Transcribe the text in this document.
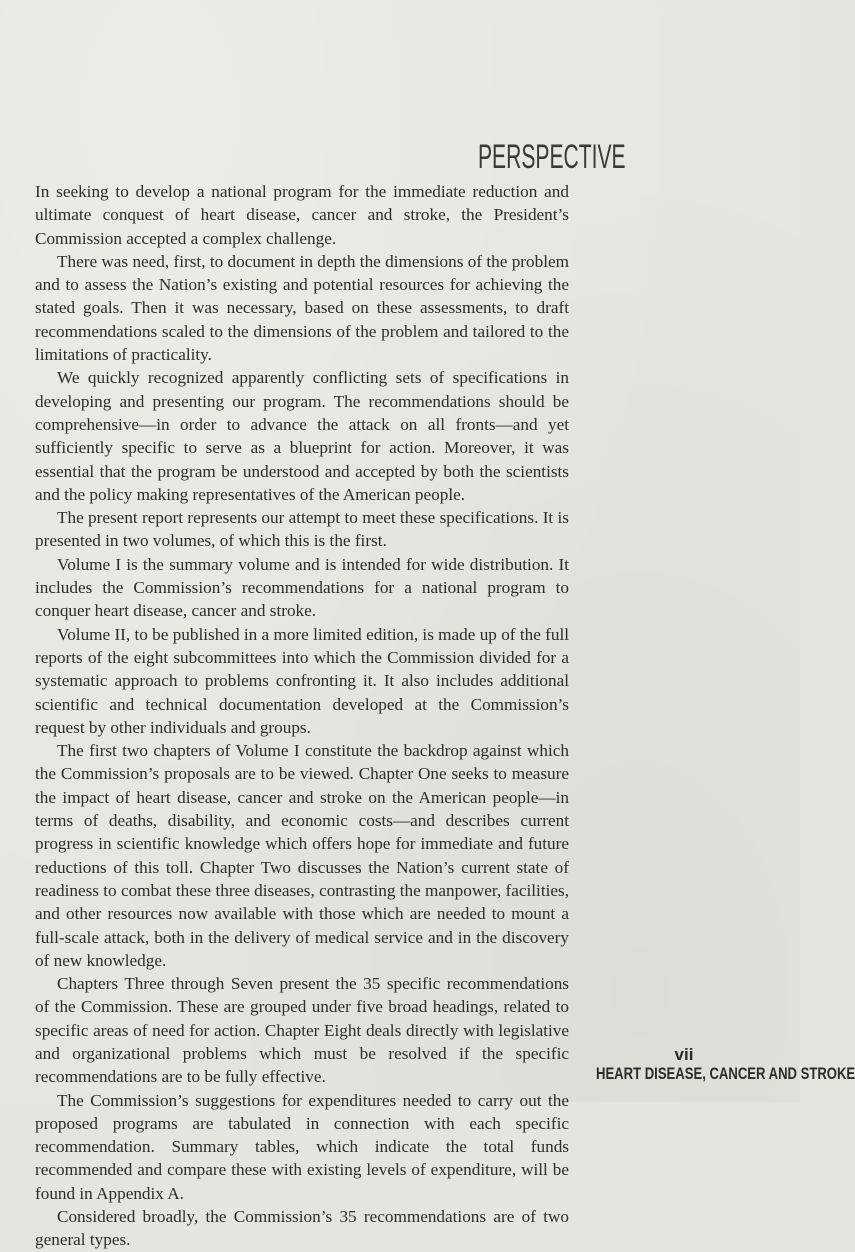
PERSPECTIVE

In seeking to develop a national program for the immediate reduction and ultimate conquest of heart disease, cancer and stroke, the President’s Commission accepted a complex challenge.

There was need, first, to document in depth the dimensions of the problem and to assess the Nation’s existing and potential resources for achieving the stated goals. Then it was necessary, based on these assessments, to draft recommendations scaled to the dimensions of the problem and tailored to the limitations of practicality.

We quickly recognized apparently conflicting sets of specifications in developing and presenting our program. The recommendations should be comprehensive—in order to advance the attack on all fronts—and yet sufficiently specific to serve as a blueprint for action. Moreover, it was essential that the program be understood and accepted by both the scientists and the policy making representatives of the American people.

The present report represents our attempt to meet these specifications. It is presented in two volumes, of which this is the first.

Volume I is the summary volume and is intended for wide distribution. It includes the Commission’s recommendations for a national program to conquer heart disease, cancer and stroke.

Volume II, to be published in a more limited edition, is made up of the full reports of the eight subcommittees into which the Commission divided for a systematic approach to problems confronting it. It also includes additional scientific and technical documentation developed at the Commission’s request by other individuals and groups.

The first two chapters of Volume I constitute the backdrop against which the Commission’s proposals are to be viewed. Chapter One seeks to measure the impact of heart disease, cancer and stroke on the American people—in terms of deaths, disability, and economic costs—and describes current progress in scientific knowledge which offers hope for immediate and future reductions of this toll. Chapter Two discusses the Nation’s current state of readiness to combat these three diseases, contrasting the manpower, facilities, and other resources now available with those which are needed to mount a full-scale attack, both in the delivery of medical service and in the discovery of new knowledge.

Chapters Three through Seven present the 35 specific recommendations of the Commission. These are grouped under five broad headings, related to specific areas of need for action. Chapter Eight deals directly with legislative and organizational problems which must be resolved if the specific recommendations are to be fully effective.

The Commission’s suggestions for expenditures needed to carry out the proposed programs are tabulated in connection with each specific recommendation. Summary tables, which indicate the total funds recommended and compare these with existing levels of expenditure, will be found in Appendix A.

Considered broadly, the Commission’s 35 recommendations are of two general types.

vii
HEART DISEASE, CANCER AND STROKE
